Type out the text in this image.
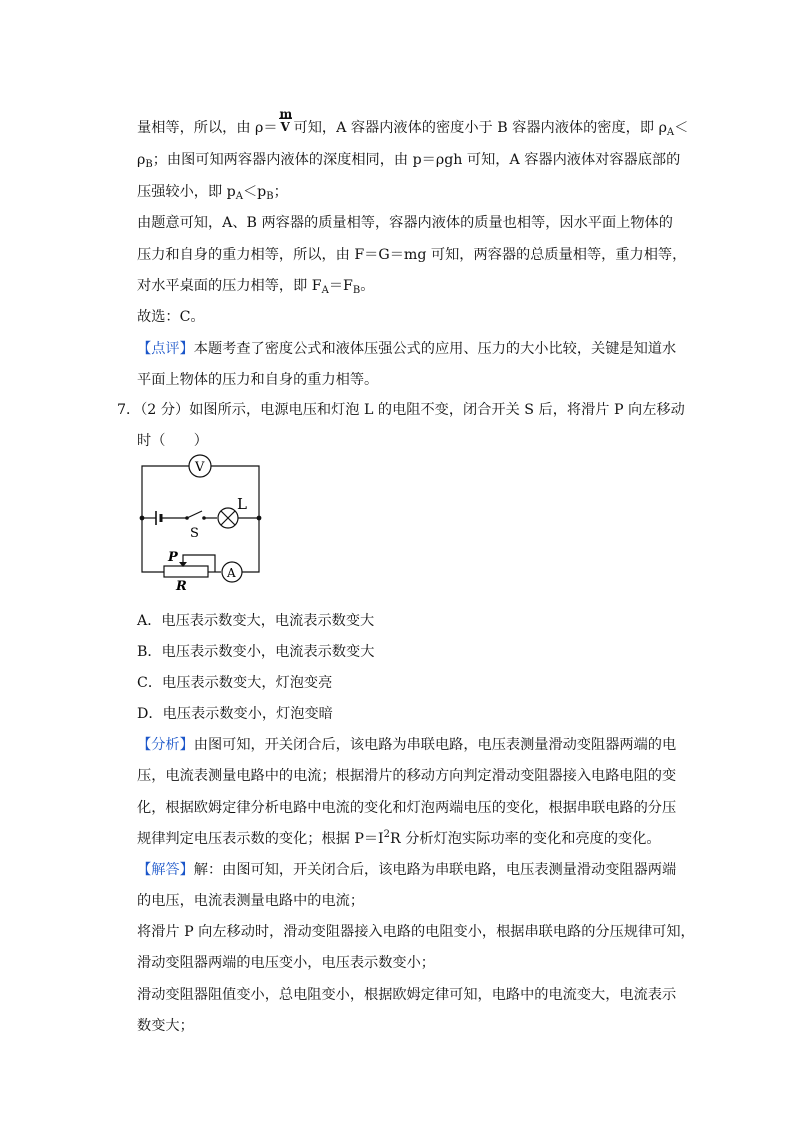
量相等，所以，由 ρ＝
m
V 可知，A 容器内液体的密度小于 B 容器内液体的密度，即 $\rho_A<$
$\rho_B$；由图可知两容器内液体的深度相同，由 p＝ρgh 可知，A 容器内液体对容器底部的
压强较小，即 $p_A<p_B$；
由题意可知，A、B 两容器的质量相等，容器内液体的质量也相等，因水平面上物体的
压力和自身的重力相等，所以，由 F＝G＝mg 可知，两容器的总质量相等，重力相等，
对水平桌面的压力相等，即 $F_A=F_B$。
故选：C。
【点评】本题考查了密度公式和液体压强公式的应用、压力的大小比较，关键是知道水
平面上物体的压力和自身的重力相等。
7．（2 分）如图所示，电源电压和灯泡 L 的电阻不变，闭合开关 S 后，将滑片 P 向左移动
时（　　）
V
A
L
S
P
R
A．电压表示数变大，电流表示数变大
B．电压表示数变小，电流表示数变大
C．电压表示数变大，灯泡变亮
D．电压表示数变小，灯泡变暗
【分析】由图可知，开关闭合后，该电路为串联电路，电压表测量滑动变阻器两端的电
压，电流表测量电路中的电流；根据滑片的移动方向判定滑动变阻器接入电路电阻的变
化，根据欧姆定律分析电路中电流的变化和灯泡两端电压的变化，根据串联电路的分压
规律判定电压表示数的变化；根据 $P=I^2R$ 分析灯泡实际功率的变化和亮度的变化。
【解答】解：由图可知，开关闭合后，该电路为串联电路，电压表测量滑动变阻器两端
的电压，电流表测量电路中的电流；
将滑片 P 向左移动时，滑动变阻器接入电路的电阻变小，根据串联电路的分压规律可知，
滑动变阻器两端的电压变小，电压表示数变小；
滑动变阻器阻值变小，总电阻变小，根据欧姆定律可知，电路中的电流变大，电流表示
数变大；
